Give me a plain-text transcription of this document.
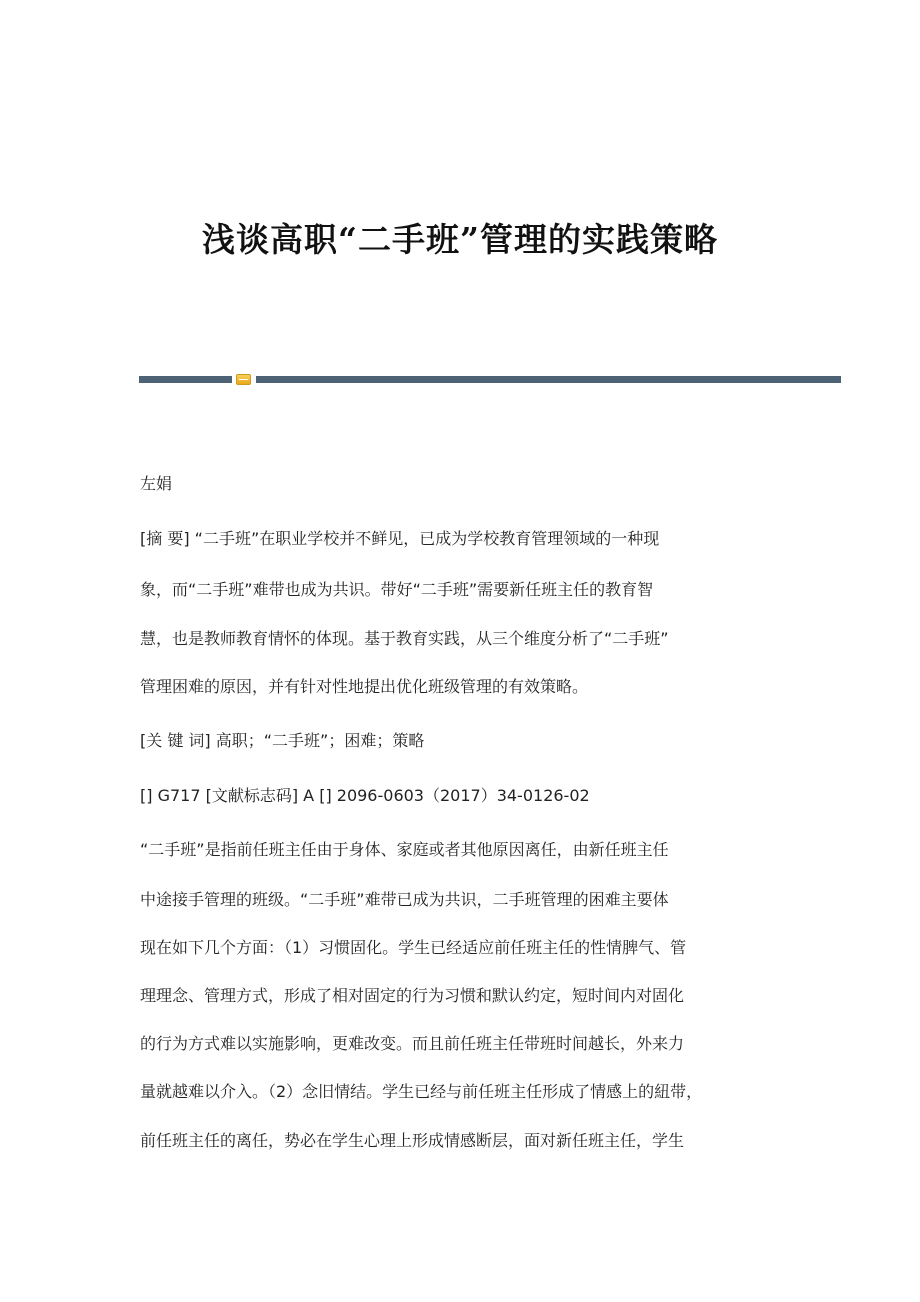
浅谈高职“二手班”管理的实践策略
左娟
[摘 要] “二手班”在职业学校并不鲜见，已成为学校教育管理领域的一种现
象，而“二手班”难带也成为共识。带好“二手班”需要新任班主任的教育智
慧，也是教师教育情怀的体现。基于教育实践，从三个维度分析了“二手班”
管理困难的原因，并有针对性地提出优化班级管理的有效策略。
[关 键 词] 高职；“二手班”；困难；策略
[] G717 [文献标志码] A [] 2096-0603（2017）34-0126-02
“二手班”是指前任班主任由于身体、家庭或者其他原因离任，由新任班主任
中途接手管理的班级。“二手班”难带已成为共识，二手班管理的困难主要体
现在如下几个方面：（1）习惯固化。学生已经适应前任班主任的性情脾气、管
理理念、管理方式，形成了相对固定的行为习惯和默认约定，短时间内对固化
的行为方式难以实施影响，更难改变。而且前任班主任带班时间越长，外来力
量就越难以介入。（2）念旧情结。学生已经与前任班主任形成了情感上的紐带，
前任班主任的离任，势必在学生心理上形成情感断层，面对新任班主任，学生
